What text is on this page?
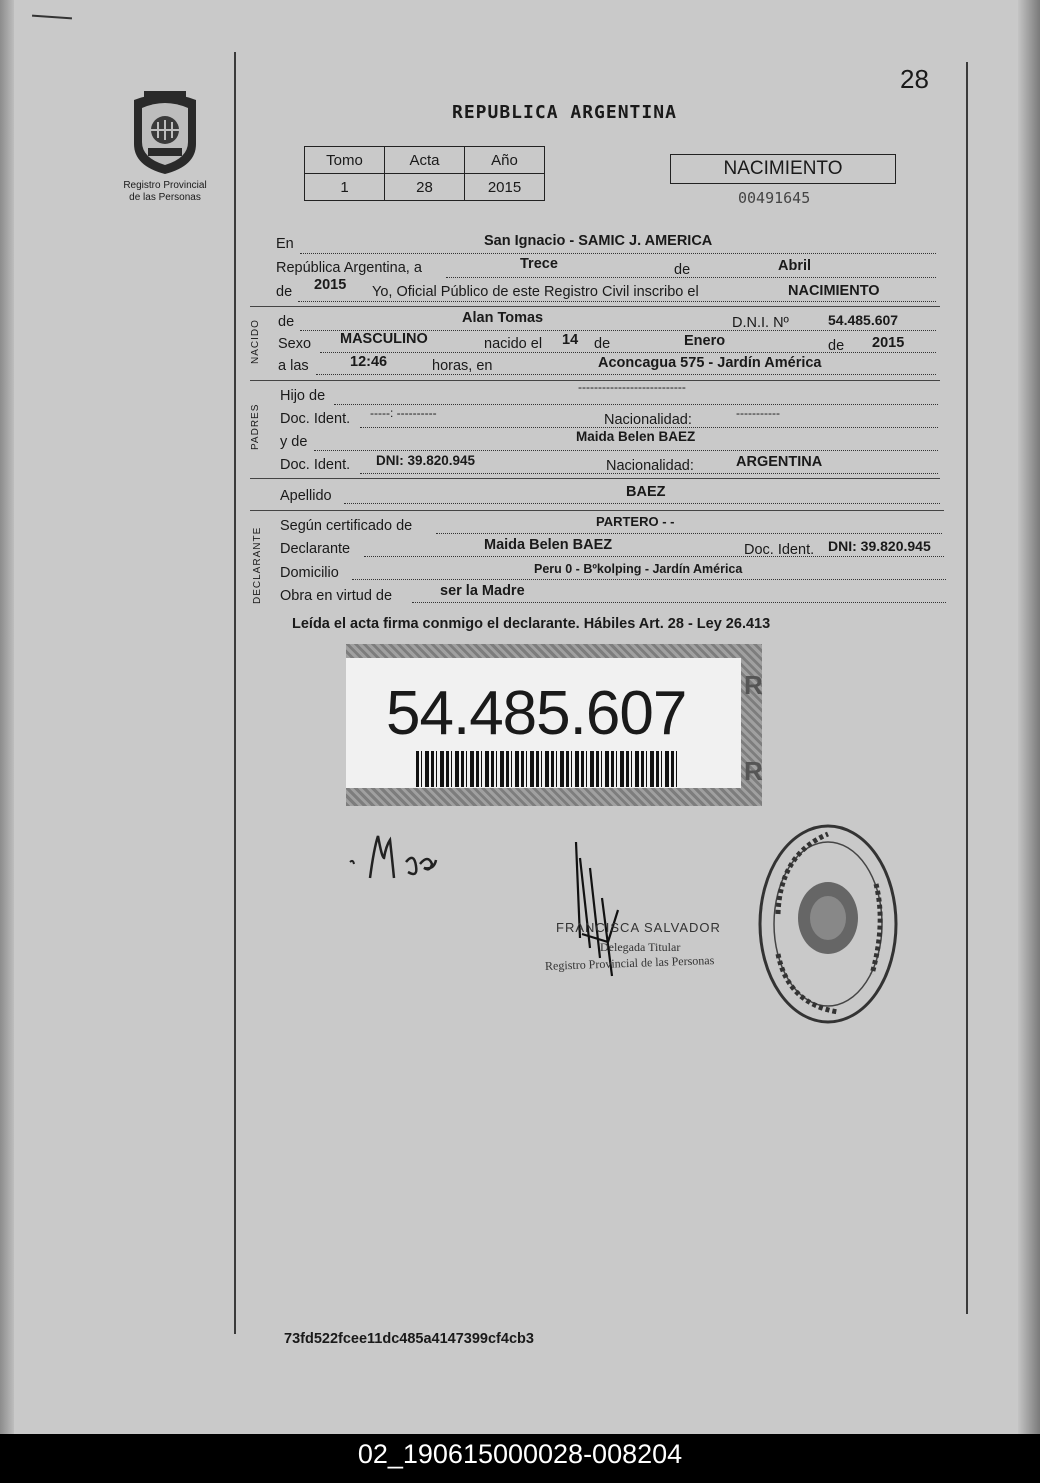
28
REPUBLICA ARGENTINA
Registro Provincial
de las Personas
Tomo	Acta	Año
1	28	2015
NACIMIENTO
00491645
En	San Ignacio - SAMIC J. AMERICA
República Argentina, a	Trece	de	Abril
de 2015 Yo, Oficial Público de este Registro Civil inscribo el	NACIMIENTO
NACIDO de	Alan Tomas	D.N.I. Nº	54.485.607
Sexo MASCULINO	nacido el 14 de	Enero	de 2015
a las	12:46	horas, en	Aconcagua 575 - Jardín América
PADRES
Hijo de
---------------------------
Doc. Ident. -----: ----------	Nacionalidad:	-----------
y de	Maida Belen BAEZ
Doc. Ident. DNI: 39.820.945	Nacionalidad:	ARGENTINA
Apellido	BAEZ
DECLARANTE
Según certificado de	PARTERO - -
Declarante	Maida Belen BAEZ	Doc. Ident. DNI: 39.820.945
Domicilio	Peru 0 - Bºkolping - Jardín América
Obra en virtud de	ser la Madre
Leída el acta firma conmigo el declarante. Hábiles Art. 28 - Ley 26.413
54.485.607 R
R
FRANCISCA SALVADOR
Delegada Titular
Registro Provincial de las Personas
73fd522fcee11dc485a4147399cf4cb3
02_190615000028-008204
